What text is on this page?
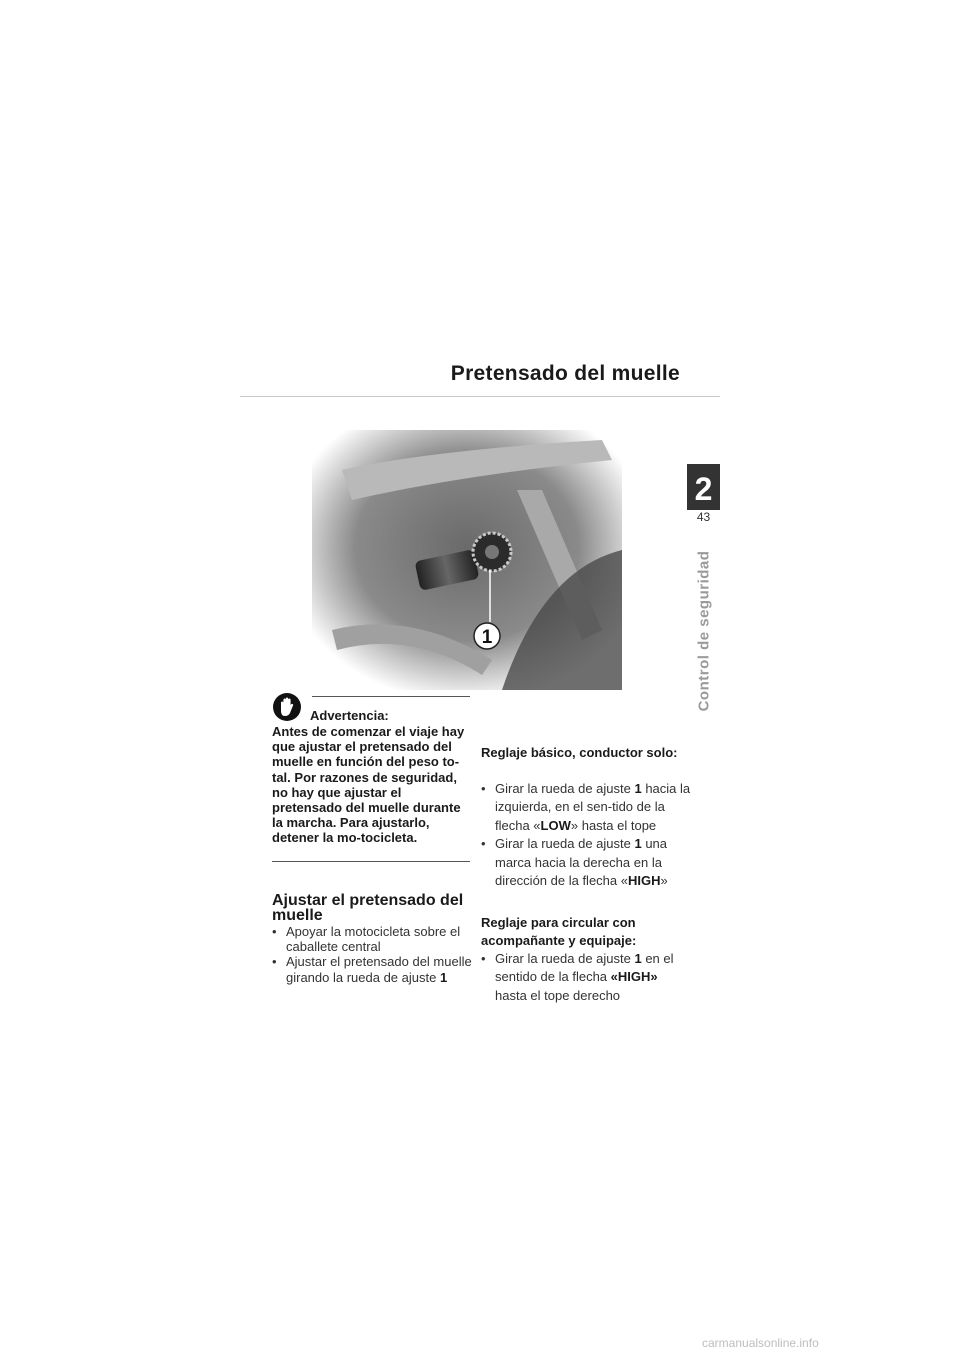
Pretensado del muelle
2
43
Control de seguridad
1
Advertencia:
Antes de comenzar el viaje hay que ajustar el pretensado del muelle en función del peso to-tal. Por razones de seguridad, no hay que ajustar el pretensado del muelle durante la marcha. Para ajustarlo, detener la mo-tocicleta.
Ajustar el pretensado del muelle
• Apoyar la motocicleta sobre el caballete central
• Ajustar el pretensado del muelle girando la rueda de ajuste 1
Reglaje básico, conductor solo:
• Girar la rueda de ajuste 1 hacia la izquierda, en el sen-tido de la flecha «LOW» hasta el tope
• Girar la rueda de ajuste 1 una marca hacia la derecha en la dirección de la flecha «HIGH»
Reglaje para circular con acompañante y equipaje:
• Girar la rueda de ajuste 1 en el sentido de la flecha «HIGH» hasta el tope derecho
carmanualsonline.info
